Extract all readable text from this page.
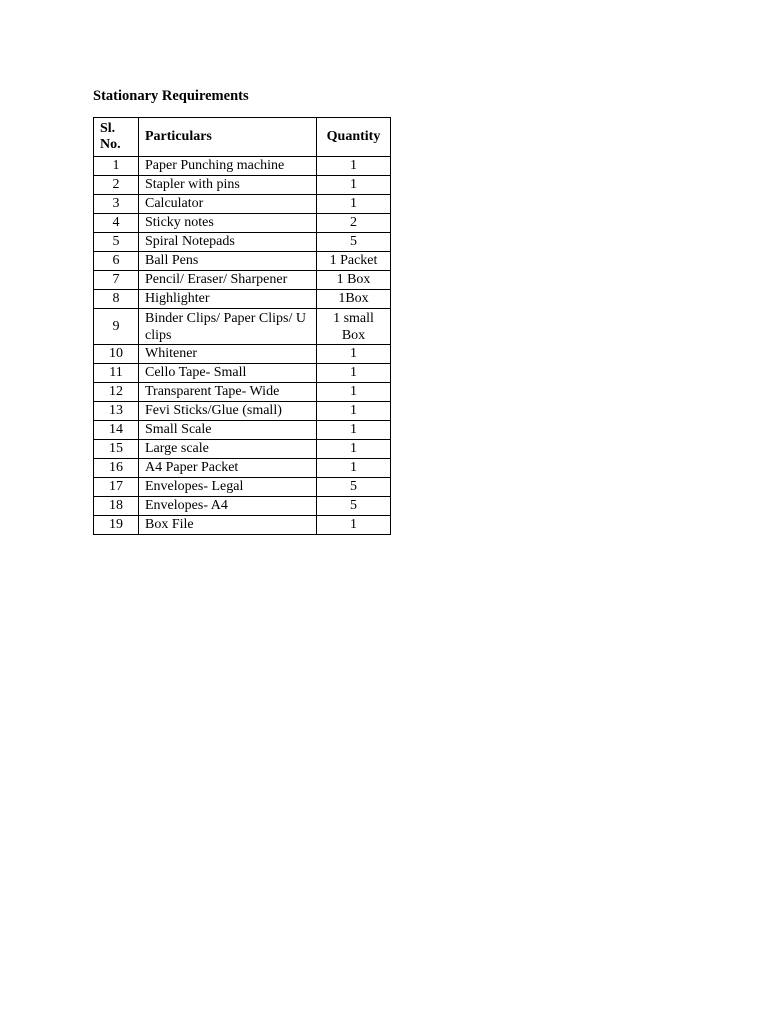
Stationary Requirements
Sl. No.	Particulars	Quantity
1	Paper Punching machine	1
2	Stapler with pins	1
3	Calculator	1
4	Sticky notes	2
5	Spiral Notepads	5
6	Ball Pens	1 Packet
7	Pencil/ Eraser/ Sharpener	1 Box
8	Highlighter	1Box
9	Binder Clips/ Paper Clips/ U clips	1 small Box

10	Whitener	1
11	Cello Tape- Small	1
12	Transparent Tape- Wide	1
13	Fevi Sticks/Glue (small)	1
14	Small Scale	1
15	Large scale	1
16	A4 Paper Packet	1
17	Envelopes- Legal	5
18	Envelopes- A4	5
19	Box File	1
